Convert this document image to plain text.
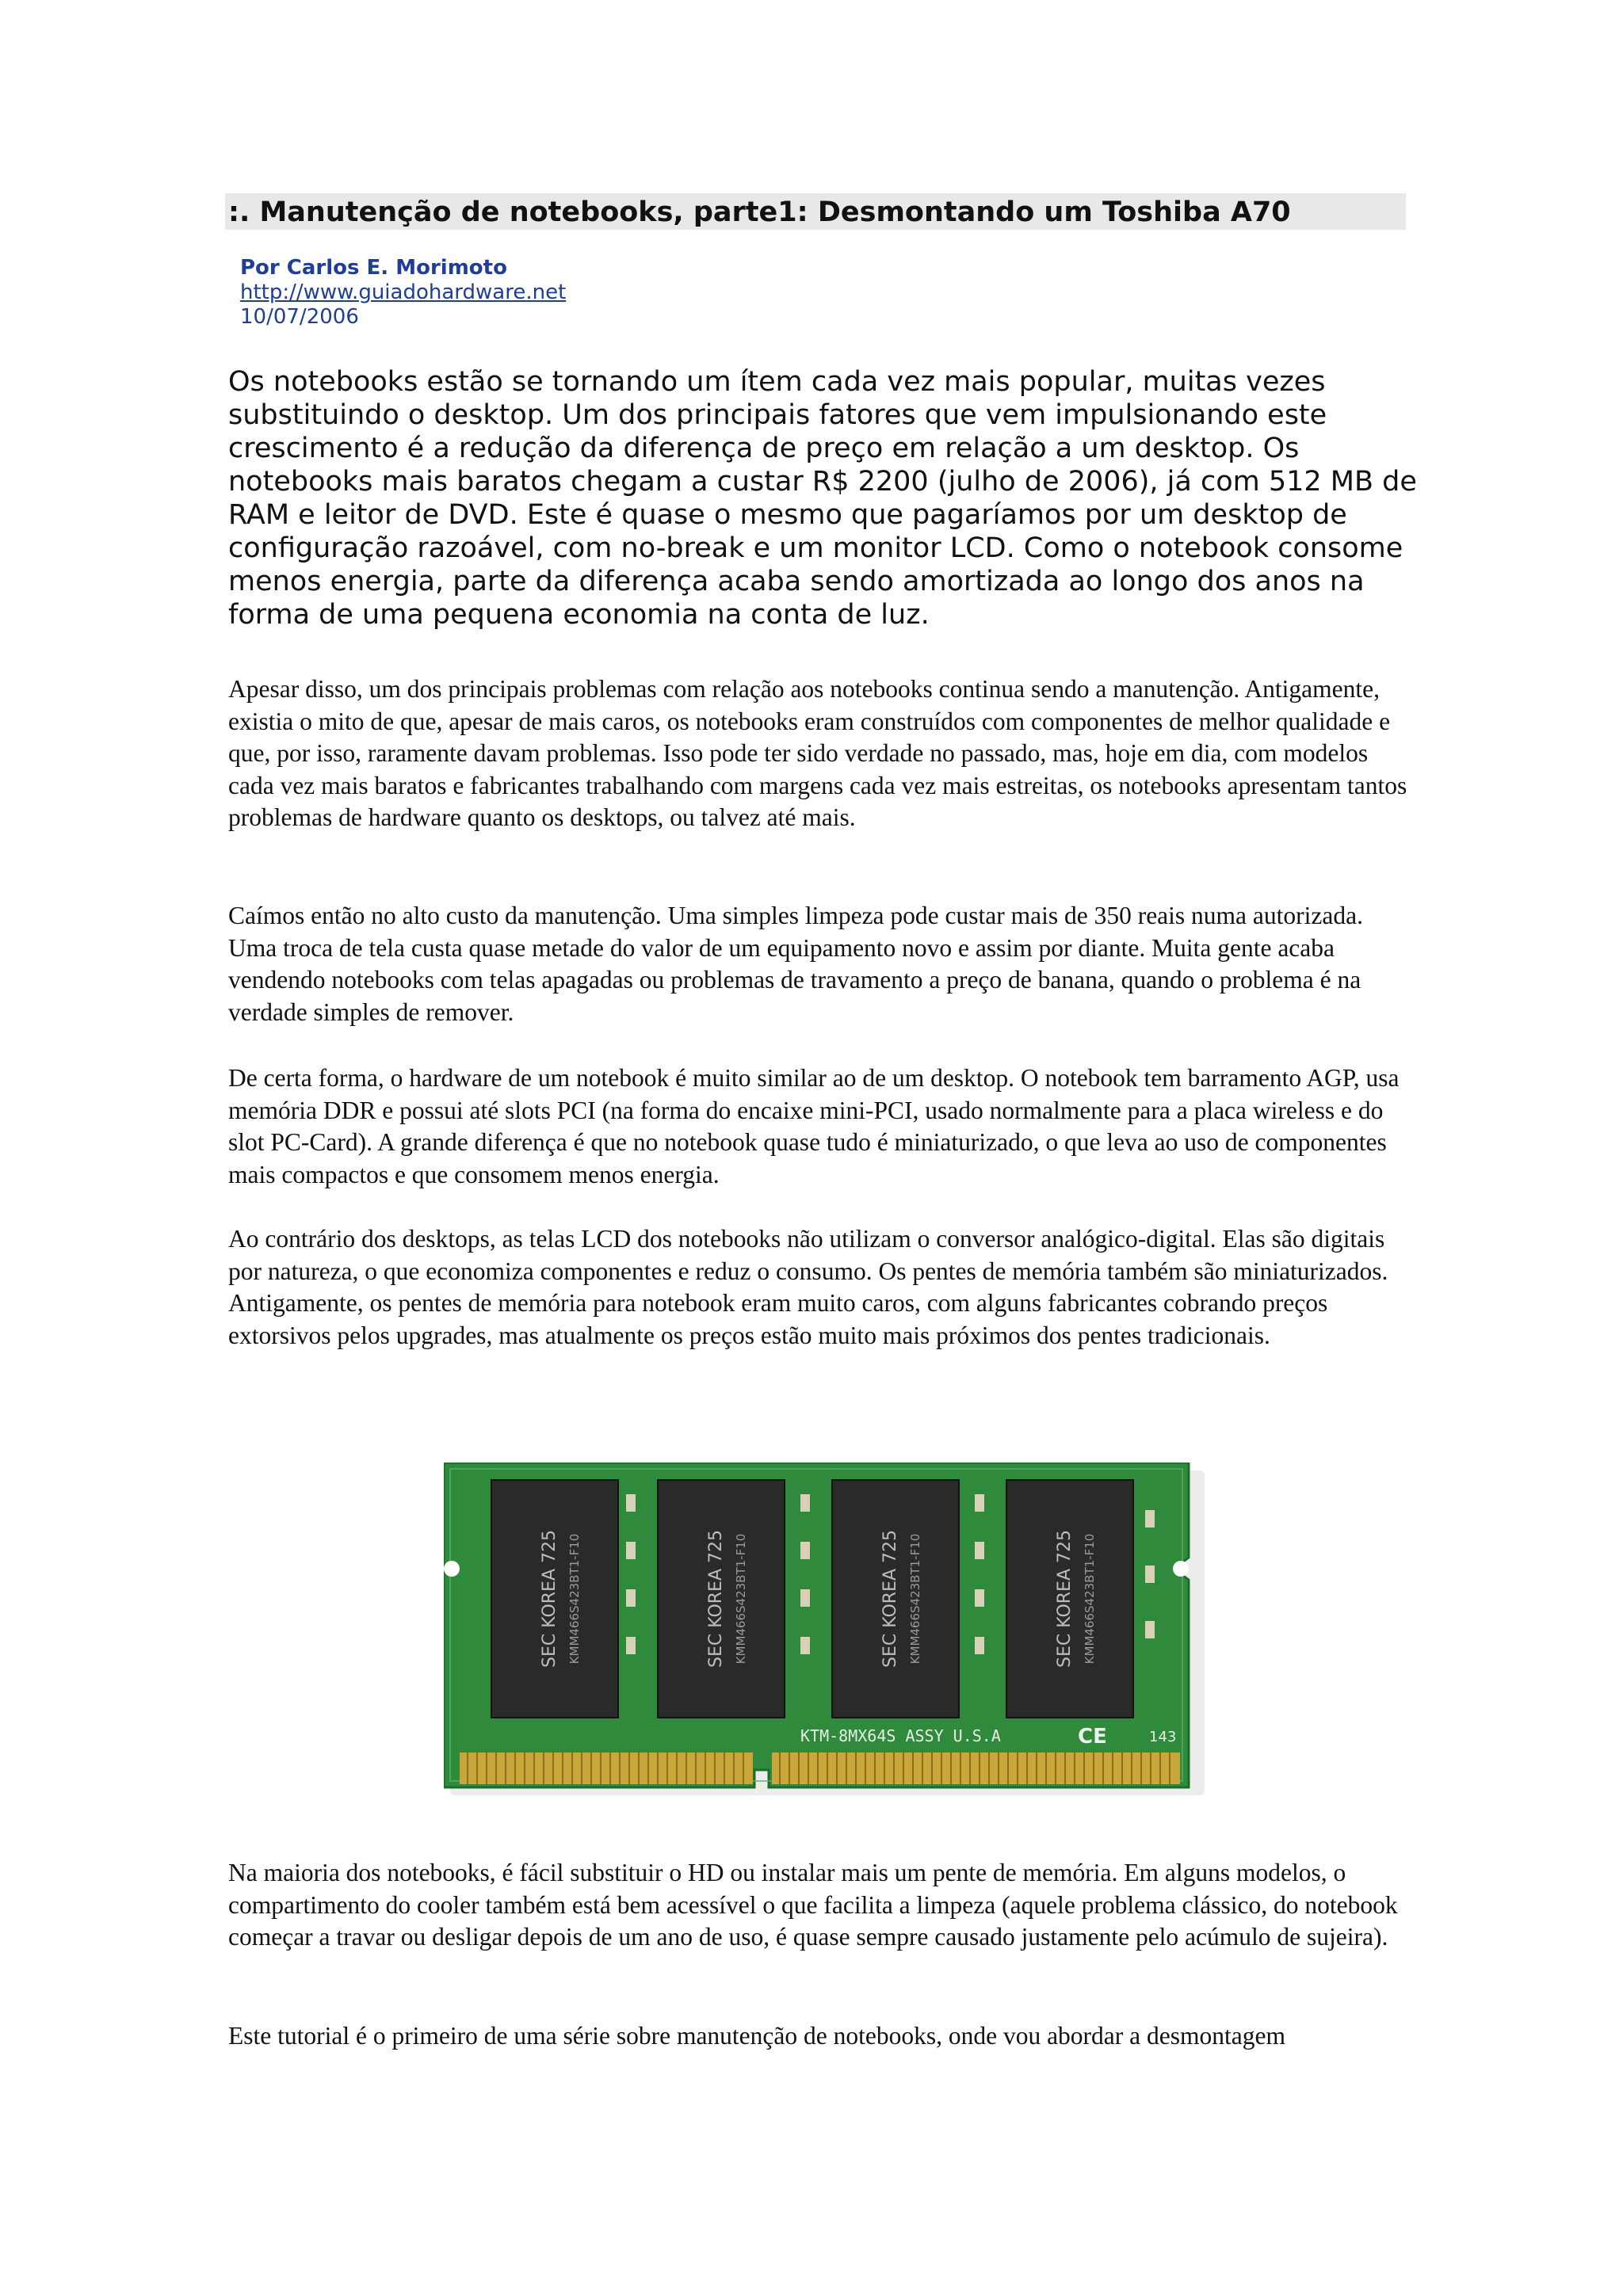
:. Manutenção de notebooks, parte1: Desmontando um Toshiba A70
Por Carlos E. Morimoto
http://www.guiadohardware.net
10/07/2006

Os notebooks estão se tornando um ítem cada vez mais popular, muitas vezes substituindo o desktop. Um dos principais fatores que vem impulsionando este crescimento é a redução da diferença de preço em relação a um desktop. Os notebooks mais baratos chegam a custar R$ 2200 (julho de 2006), já com 512 MB de RAM e leitor de DVD. Este é quase o mesmo que pagaríamos por um desktop de configuração razoável, com no-break e um monitor LCD. Como o notebook consome menos energia, parte da diferença acaba sendo amortizada ao longo dos anos na forma de uma pequena economia na conta de luz.

Apesar disso, um dos principais problemas com relação aos notebooks continua sendo a manutenção. Antigamente, existia o mito de que, apesar de mais caros, os notebooks eram construídos com componentes de melhor qualidade e que, por isso, raramente davam problemas. Isso pode ter sido verdade no passado, mas, hoje em dia, com modelos cada vez mais baratos e fabricantes trabalhando com margens cada vez mais estreitas, os notebooks apresentam tantos problemas de hardware quanto os desktops, ou talvez até mais.

Caímos então no alto custo da manutenção. Uma simples limpeza pode custar mais de 350 reais numa autorizada. Uma troca de tela custa quase metade do valor de um equipamento novo e assim por diante. Muita gente acaba vendendo notebooks com telas apagadas ou problemas de travamento a preço de banana, quando o problema é na verdade simples de remover.

De certa forma, o hardware de um notebook é muito similar ao de um desktop. O notebook tem barramento AGP, usa memória DDR e possui até slots PCI (na forma do encaixe mini-PCI, usado normalmente para a placa wireless e do slot PC-Card). A grande diferença é que no notebook quase tudo é miniaturizado, o que leva ao uso de componentes mais compactos e que consomem menos energia.

Ao contrário dos desktops, as telas LCD dos notebooks não utilizam o conversor analógico-digital. Elas são digitais por natureza, o que economiza componentes e reduz o consumo. Os pentes de memória também são miniaturizados. Antigamente, os pentes de memória para notebook eram muito caros, com alguns fabricantes cobrando preços extorsivos pelos upgrades, mas atualmente os preços estão muito mais próximos dos pentes tradicionais.

SEC KOREA 725 KMM466S423BT1-F10	SEC KOREA 725 KMM466S423BT1-F10	SEC KOREA 725 KMM466S423BT1-F10	SEC KOREA 725 KMM466S423BT1-F10
KTM-8MX64S ASSY U.S.A	CE	143

Na maioria dos notebooks, é fácil substituir o HD ou instalar mais um pente de memória. Em alguns modelos, o compartimento do cooler também está bem acessível o que facilita a limpeza (aquele problema clássico, do notebook começar a travar ou desligar depois de um ano de uso, é quase sempre causado justamente pelo acúmulo de sujeira).

Este tutorial é o primeiro de uma série sobre manutenção de notebooks, onde vou abordar a desmontagem
